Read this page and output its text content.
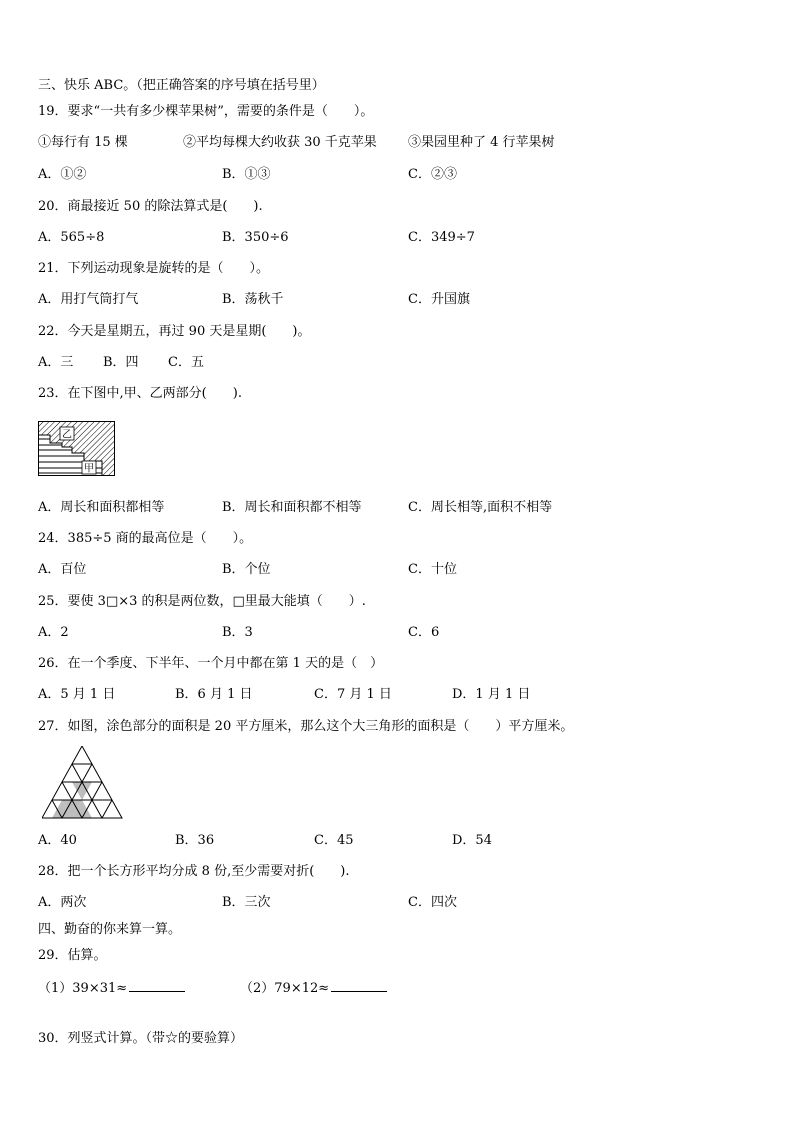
三、快乐 ABC。（把正确答案的序号填在括号里）
19．要求“一共有多少棵苹果树”，需要的条件是（　　）。
①每行有 15 棵	②平均每棵大约收获 30 千克苹果 ③果园里种了 4 行苹果树
A．①②	B．①③	C．②③
20．商最接近 50 的除法算式是(　　).
A．565÷8	B．350÷6	C．349÷7
21．下列运动现象是旋转的是（　　）。
A．用打气筒打气	B．荡秋千	C．升国旗
22．今天是星期五，再过 90 天是星期(　　)。
A．三 B．四 C．五
23．在下图中,甲、乙两部分(　　).
乙
甲
A．周长和面积都相等	B．周长和面积都不相等	C．周长相等,面积不相等
24．385÷5 商的最高位是（　　）。
A．百位	B．个位	C．十位
25．要使 3□×3 的积是两位数，□里最大能填（　　）.
A．2	B．3	C．6
26．在一个季度、下半年、一个月中都在第 1 天的是（　）
A．5 月 1 日	B．6 月 1 日	C．7 月 1 日	D．1 月 1 日
27．如图，涂色部分的面积是 20 平方厘米，那么这个大三角形的面积是（　　）平方厘米。
A．40	B．36	C．45	D．54
28．把一个长方形平均分成 8 份,至少需要对折(　　).
A．两次	B．三次	C．四次
四、勤奋的你来算一算。
29．估算。
（1）39×31≈	（2）79×12≈
30．列竖式计算。（带☆的要验算）
